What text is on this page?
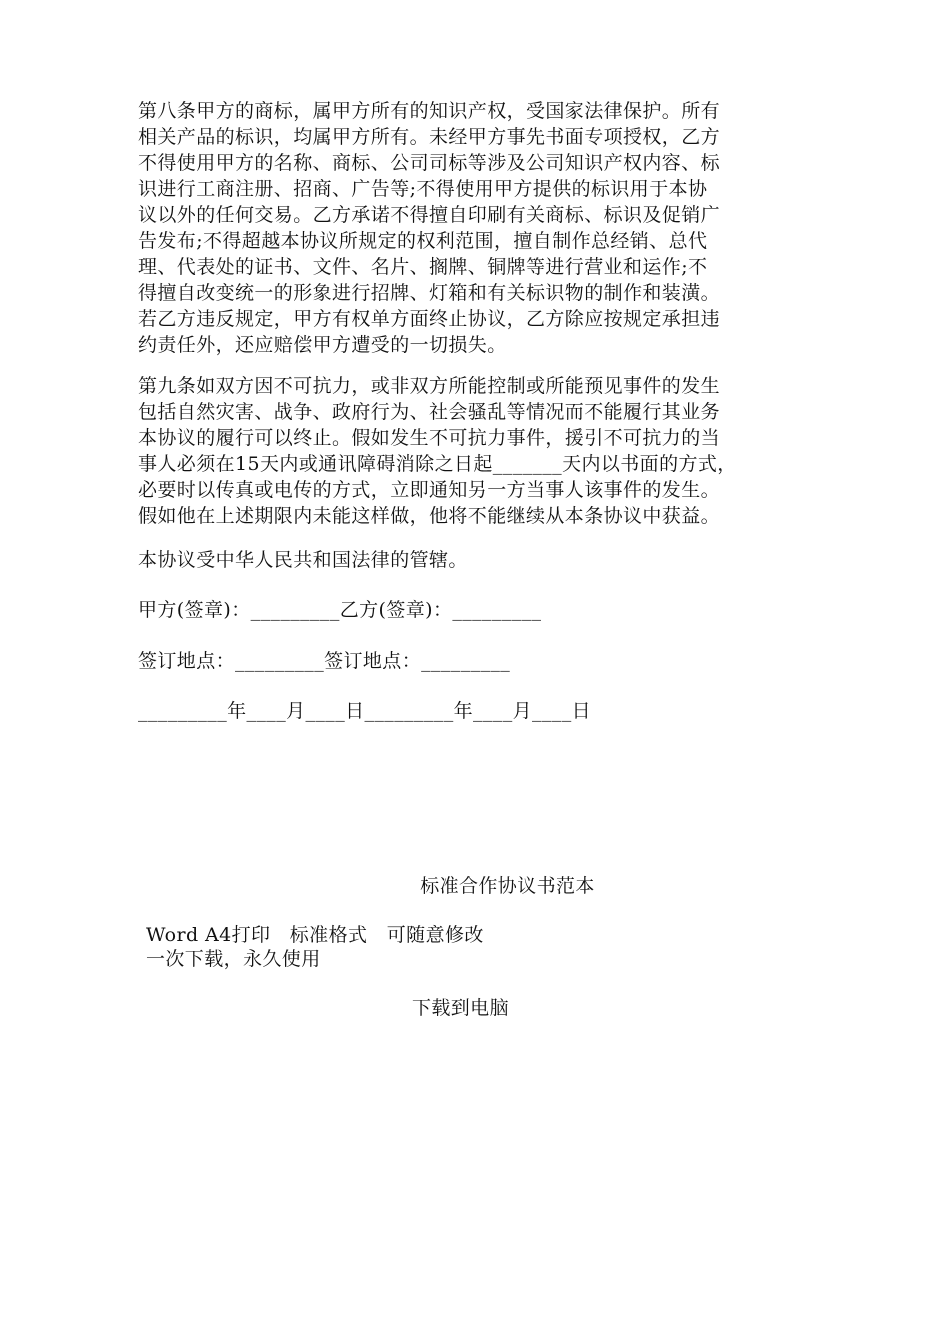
第八条甲方的商标，属甲方所有的知识产权，受国家法律保护。所有
相关产品的标识，均属甲方所有。未经甲方事先书面专项授权，乙方
不得使用甲方的名称、商标、公司司标等涉及公司知识产权内容、标
识进行工商注册、招商、广告等;不得使用甲方提供的标识用于本协
议以外的任何交易。乙方承诺不得擅自印刷有关商标、标识及促销广
告发布;不得超越本协议所规定的权利范围，擅自制作总经销、总代
理、代表处的证书、文件、名片、搁牌、铜牌等进行营业和运作;不
得擅自改变统一的形象进行招牌、灯箱和有关标识物的制作和装潢。
若乙方违反规定，甲方有权单方面终止协议，乙方除应按规定承担违
约责任外，还应赔偿甲方遭受的一切损失。
第九条如双方因不可抗力，或非双方所能控制或所能预见事件的发生
包括自然灾害、战争、政府行为、社会骚乱等情况而不能履行其业务
本协议的履行可以终止。假如发生不可抗力事件，援引不可抗力的当
事人必须在15天内或通讯障碍消除之日起_______天内以书面的方式，
必要时以传真或电传的方式，立即通知另一方当事人该事件的发生。
假如他在上述期限内未能这样做，他将不能继续从本条协议中获益。
本协议受中华人民共和国法律的管辖。
甲方(签章)：_________乙方(签章)：_________
签订地点：_________签订地点：_________
_________年____月____日_________年____月____日
标准合作协议书范本
Word A4打印　标准格式　可随意修改
一次下载，永久使用
下载到电脑
